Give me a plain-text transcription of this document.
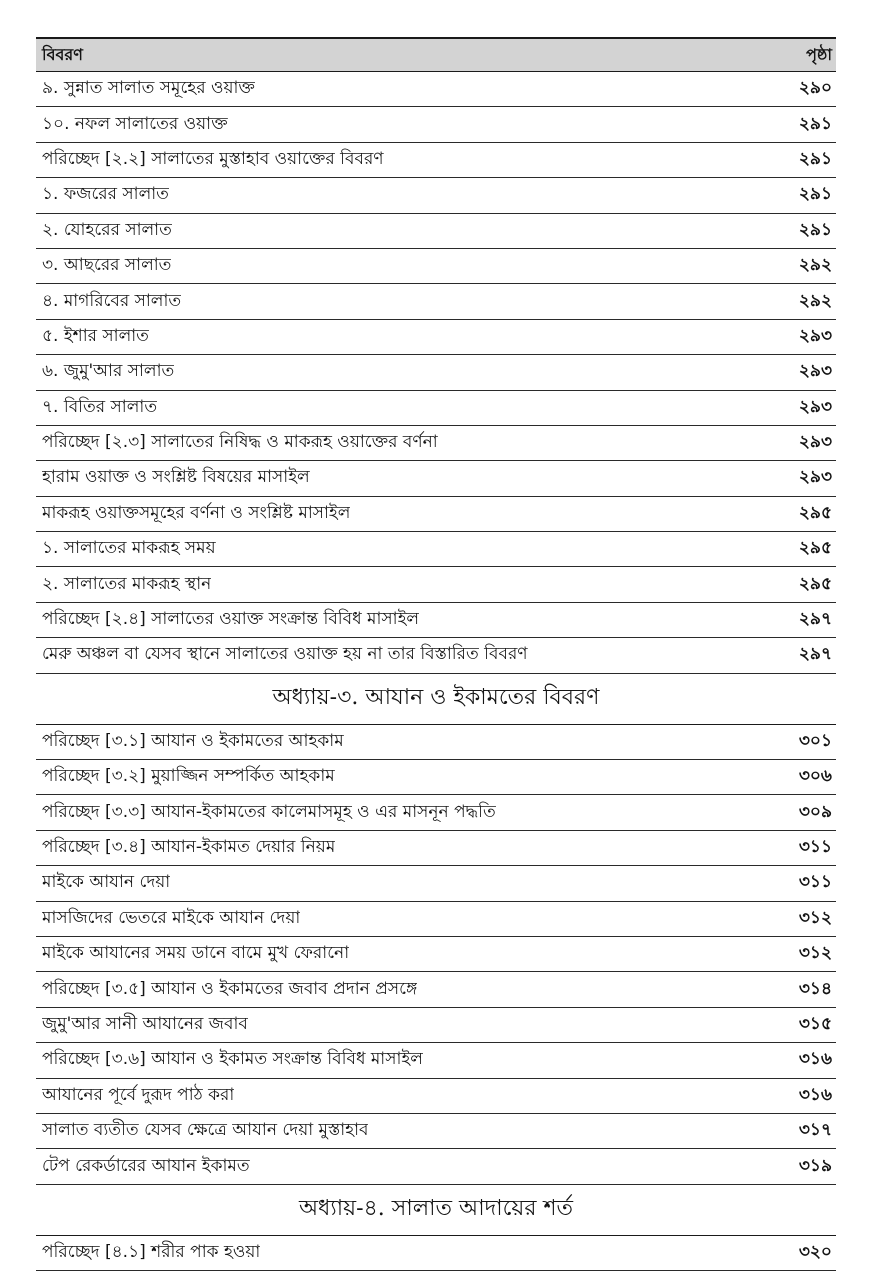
বিবরণ	পৃষ্ঠা
৯. সুন্নাত সালাত সমূহের ওয়াক্ত	২৯০
১০. নফল সালাতের ওয়াক্ত	২৯১
পরিচ্ছেদ [২.২] সালাতের মুস্তাহাব ওয়াক্তের বিবরণ	২৯১
১. ফজরের সালাত	২৯১
২. যোহরের সালাত	২৯১
৩. আছরের সালাত	২৯২
৪. মাগরিবের সালাত	২৯২
৫. ইশার সালাত	২৯৩
৬. জুমু'আর সালাত	২৯৩
৭. বিতির সালাত	২৯৩
পরিচ্ছেদ [২.৩] সালাতের নিষিদ্ধ ও মাকরূহ ওয়াক্তের বর্ণনা	২৯৩
হারাম ওয়াক্ত ও সংশ্লিষ্ট বিষয়ের মাসাইল	২৯৩
মাকরূহ ওয়াক্তসমূহের বর্ণনা ও সংশ্লিষ্ট মাসাইল	২৯৫
১. সালাতের মাকরূহ সময়	২৯৫
২. সালাতের মাকরূহ স্থান	২৯৫
পরিচ্ছেদ [২.৪] সালাতের ওয়াক্ত সংক্রান্ত বিবিধ মাসাইল	২৯৭
মেরু অঞ্চল বা যেসব স্থানে সালাতের ওয়াক্ত হয় না তার বিস্তারিত বিবরণ	২৯৭
অধ্যায়-৩. আযান ও ইকামতের বিবরণ
পরিচ্ছেদ [৩.১] আযান ও ইকামতের আহকাম	৩০১
পরিচ্ছেদ [৩.২] মুয়াজ্জিন সম্পর্কিত আহকাম	৩০৬
পরিচ্ছেদ [৩.৩] আযান-ইকামতের কালেমাসমূহ ও এর মাসনূন পদ্ধতি	৩০৯
পরিচ্ছেদ [৩.৪] আযান-ইকামত দেয়ার নিয়ম	৩১১
মাইকে আযান দেয়া	৩১১
মাসজিদের ভেতরে মাইকে আযান দেয়া	৩১২
মাইকে আযানের সময় ডানে বামে মুখ ফেরানো	৩১২
পরিচ্ছেদ [৩.৫] আযান ও ইকামতের জবাব প্রদান প্রসঙ্গে	৩১৪
জুমু'আর সানী আযানের জবাব	৩১৫
পরিচ্ছেদ [৩.৬] আযান ও ইকামত সংক্রান্ত বিবিধ মাসাইল	৩১৬
আযানের পূর্বে দুরূদ পাঠ করা	৩১৬
সালাত ব্যতীত যেসব ক্ষেত্রে আযান দেয়া মুস্তাহাব	৩১৭
টেপ রেকর্ডারের আযান ইকামত	৩১৯
অধ্যায়-৪. সালাত আদায়ের শর্ত
পরিচ্ছেদ [৪.১] শরীর পাক হওয়া	৩২০
